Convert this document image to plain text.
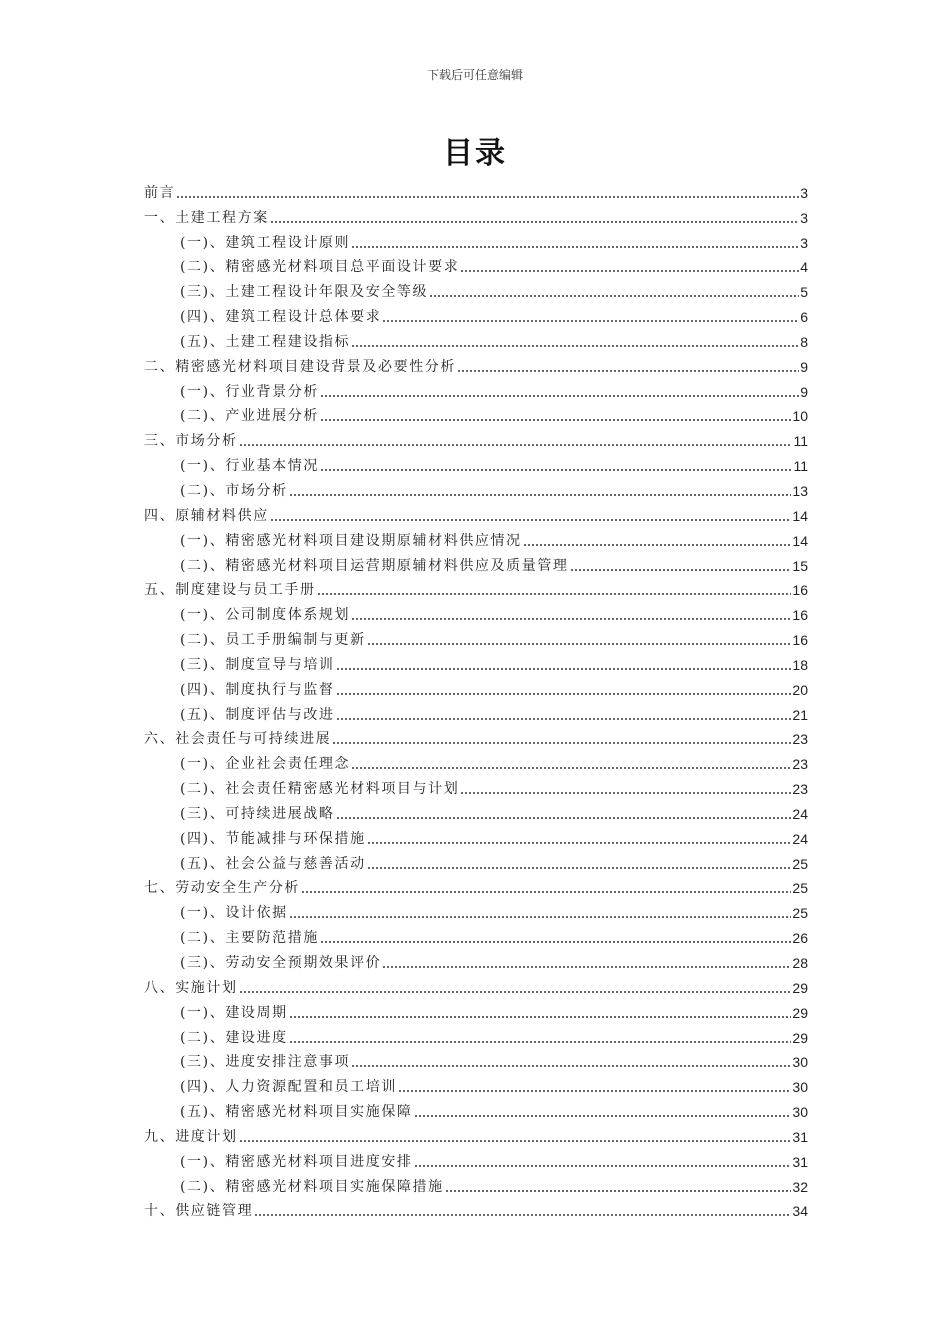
下载后可任意编辑
目录
前言	3
一、土建工程方案	3
(一)、建筑工程设计原则	3
(二)、精密感光材料项目总平面设计要求	4
(三)、土建工程设计年限及安全等级	5
(四)、建筑工程设计总体要求	6
(五)、土建工程建设指标	8
二、精密感光材料项目建设背景及必要性分析	9
(一)、行业背景分析	9
(二)、产业进展分析	10
三、市场分析	11
(一)、行业基本情况	11
(二)、市场分析	13
四、原辅材料供应	14
(一)、精密感光材料项目建设期原辅材料供应情况	14
(二)、精密感光材料项目运营期原辅材料供应及质量管理	15
五、制度建设与员工手册	16
(一)、公司制度体系规划	16
(二)、员工手册编制与更新	16
(三)、制度宣导与培训	18
(四)、制度执行与监督	20
(五)、制度评估与改进	21
六、社会责任与可持续进展	23
(一)、企业社会责任理念	23
(二)、社会责任精密感光材料项目与计划	23
(三)、可持续进展战略	24
(四)、节能减排与环保措施	24
(五)、社会公益与慈善活动	25
七、劳动安全生产分析	25
(一)、设计依据	25
(二)、主要防范措施	26
(三)、劳动安全预期效果评价	28
八、实施计划	29
(一)、建设周期	29
(二)、建设进度	29
(三)、进度安排注意事项	30
(四)、人力资源配置和员工培训	30
(五)、精密感光材料项目实施保障	30
九、进度计划	31
(一)、精密感光材料项目进度安排	31
(二)、精密感光材料项目实施保障措施	32
十、供应链管理	34
